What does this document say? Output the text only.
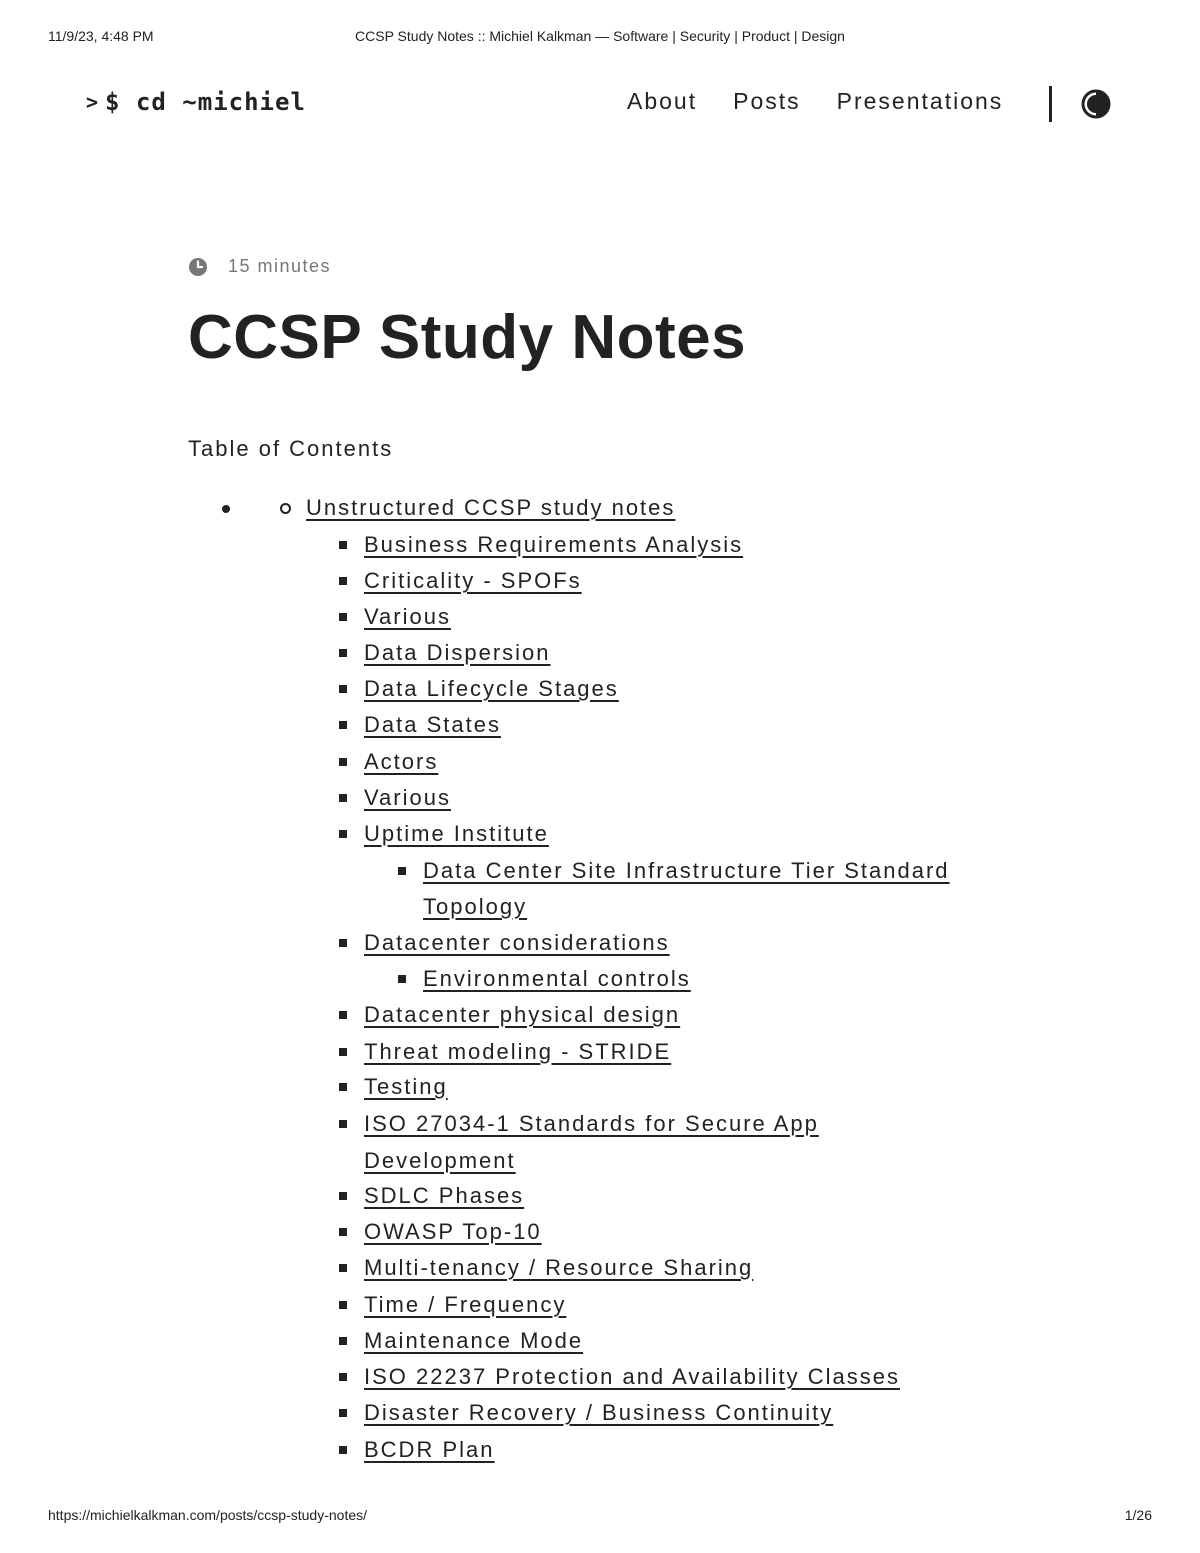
11/9/23, 4:48 PM	CCSP Study Notes :: Michiel Kalkman — Software | Security | Product | Design
> $ cd ~michiel	About Posts Presentations
15 minutes
CCSP Study Notes
Table of Contents
Unstructured CCSP study notes
Business Requirements Analysis
Criticality - SPOFs
Various
Data Dispersion
Data Lifecycle Stages
Data States
Actors
Various
Uptime Institute
Data Center Site Infrastructure Tier Standard
Topology
Datacenter considerations
Environmental controls
Datacenter physical design
Threat modeling - STRIDE
Testing
ISO 27034-1 Standards for Secure App
Development
SDLC Phases
OWASP Top-10
Multi-tenancy / Resource Sharing
Time / Frequency
Maintenance Mode
ISO 22237 Protection and Availability Classes
Disaster Recovery / Business Continuity
BCDR Plan
https://michielkalkman.com/posts/ccsp-study-notes/	1/26
